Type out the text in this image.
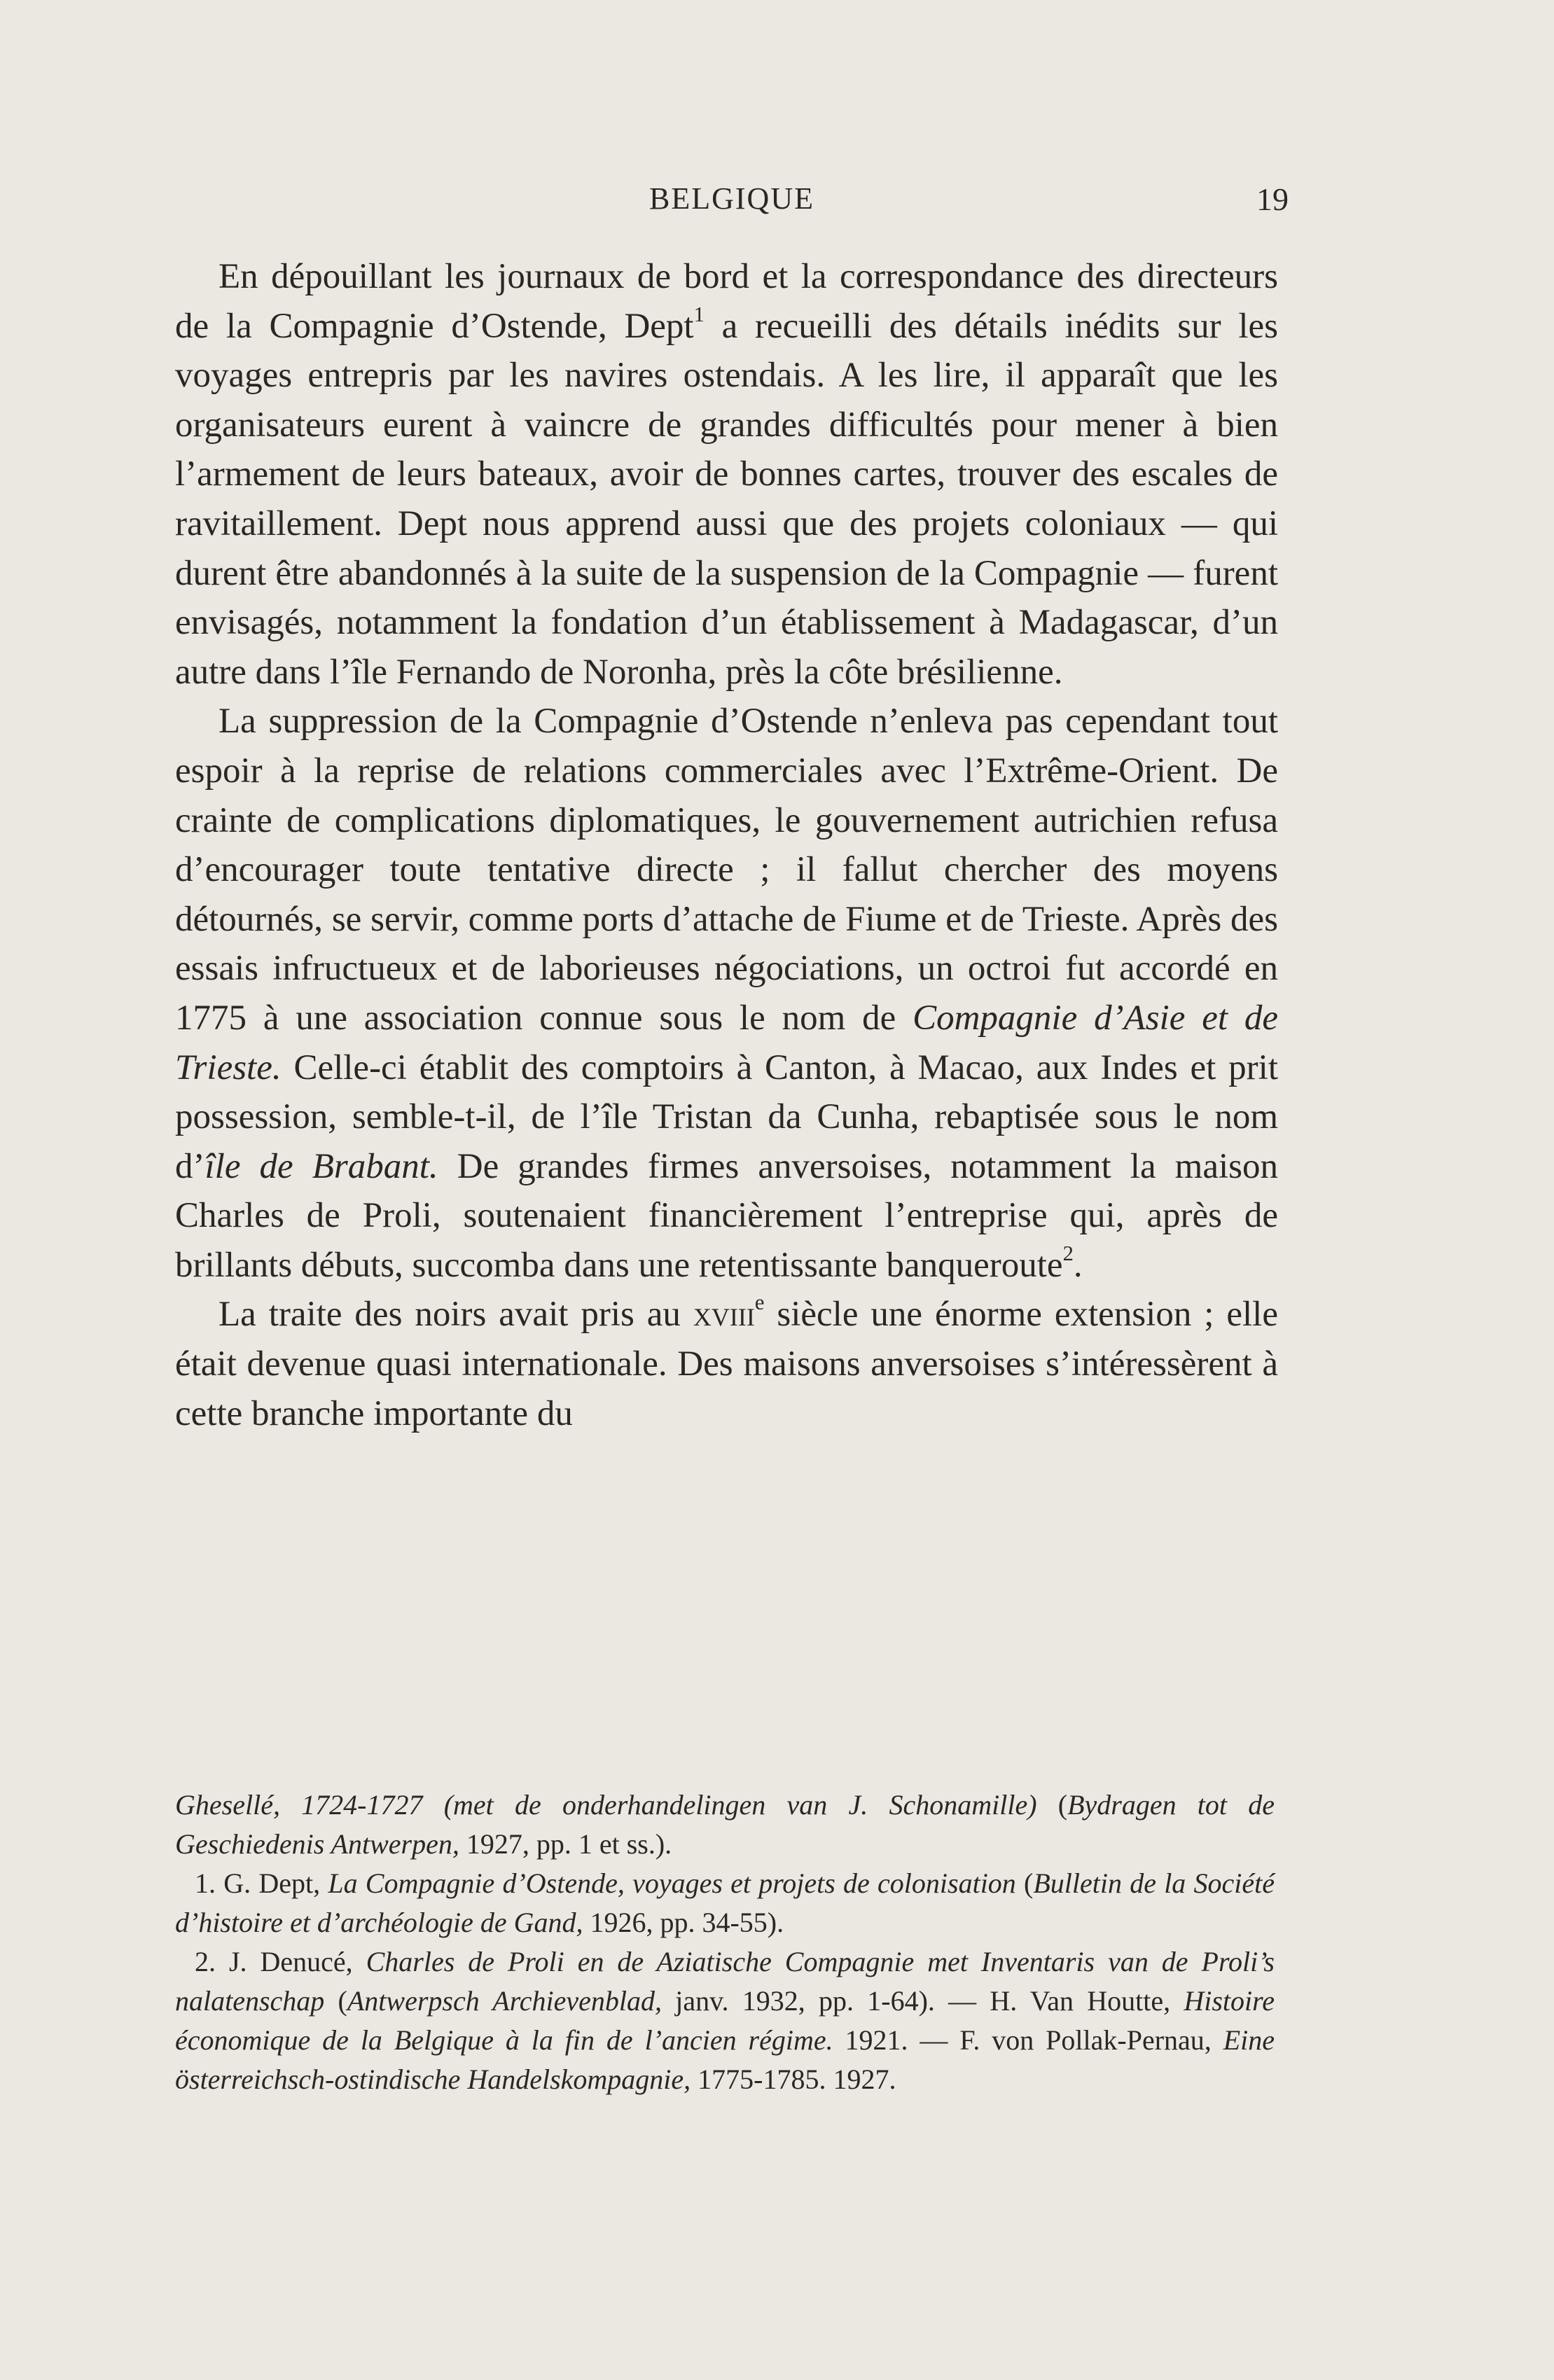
BELGIQUE	19

En dépouillant les journaux de bord et la correspondance des directeurs de la Compagnie d’Ostende, Dept$^1$ a recueilli des détails inédits sur les voyages entrepris par les navires ostendais. A les lire, il apparaît que les organisateurs eurent à vaincre de grandes difficultés pour mener à bien l’armement de leurs bateaux, avoir de bonnes cartes, trouver des escales de ravitaillement. Dept nous apprend aussi que des projets coloniaux — qui durent être abandonnés à la suite de la suspension de la Compagnie — furent envisagés, notamment la fondation d’un établissement à Madagascar, d’un autre dans l’île Fernando de Noronha, près la côte brésilienne.

La suppression de la Compagnie d’Ostende n’enleva pas cependant tout espoir à la reprise de relations commerciales avec l’Extrême-Orient. De crainte de complications diplomatiques, le gouvernement autrichien refusa d’encourager toute tentative directe ; il fallut chercher des moyens détournés, se servir, comme ports d’attache de Fiume et de Trieste. Après des essais infructueux et de laborieuses négociations, un octroi fut accordé en 1775 à une association connue sous le nom de Compagnie d’Asie et de Trieste. Celle-ci établit des comptoirs à Canton, à Macao, aux Indes et prit possession, semble-t-il, de l’île Tristan da Cunha, rebaptisée sous le nom d’île de Brabant. De grandes firmes anversoises, notamment la maison Charles de Proli, soutenaient financièrement l’entreprise qui, après de brillants débuts, succomba dans une retentissante banqueroute$^2$.

La traite des noirs avait pris au xviii$^e$ siècle une énorme extension ; elle était devenue quasi internationale. Des maisons anversoises s’intéressèrent à cette branche importante du

Ghesellé, 1724-1727 (met de onderhandelingen van J. Schonamille) (Bydragen tot de Geschiedenis Antwerpen, 1927, pp. 1 et ss.).

1. G. Dept, La Compagnie d’Ostende, voyages et projets de colonisation (Bulletin de la Société d’histoire et d’archéologie de Gand, 1926, pp. 34-55).

2. J. Denucé, Charles de Proli en de Aziatische Compagnie met Inventaris van de Proli’s nalatenschap (Antwerpsch Archievenblad, janv. 1932, pp. 1-64). — H. Van Houtte, Histoire économique de la Belgique à la fin de l’ancien régime. 1921. — F. von Pollak-Pernau, Eine österreichsch-ostindische Handelskompagnie, 1775-1785. 1927.
